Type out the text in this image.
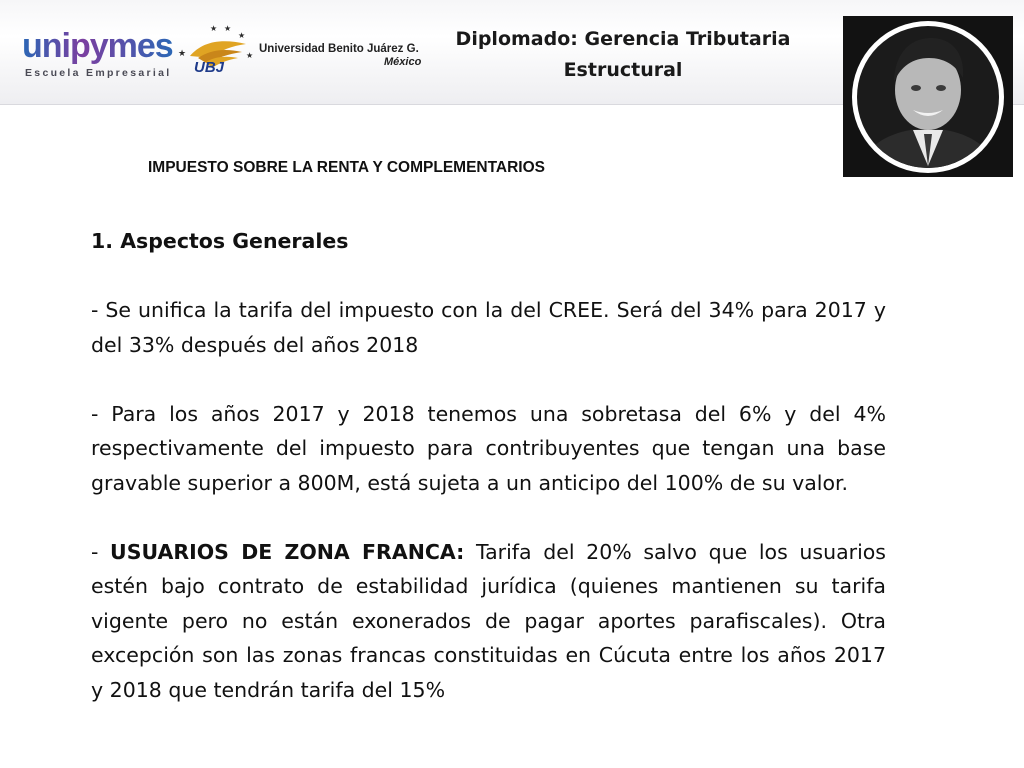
unipymes
Escuela Empresarial
★
★ ★
★
★
UBJ
Universidad Benito Juárez G.
México
Diplomado: Gerencia Tributaria
Estructural
IMPUESTO SOBRE LA RENTA Y COMPLEMENTARIOS

1. Aspectos Generales

- Se unifica la tarifa del impuesto con la del CREE. Será del 34% para 2017 y del 33% después del años 2018

- Para los años 2017 y 2018 tenemos una sobretasa del 6% y del 4% respectivamente del impuesto para contribuyentes que tengan una base gravable superior a 800M, está sujeta a un anticipo del 100% de su valor.

- USUARIOS DE ZONA FRANCA: Tarifa del 20% salvo que los usuarios estén bajo contrato de estabilidad jurídica (quienes mantienen su tarifa vigente pero no están exonerados de pagar aportes parafiscales). Otra excepción son las zonas francas constituidas en Cúcuta entre los años 2017 y 2018 que tendrán tarifa del 15%
